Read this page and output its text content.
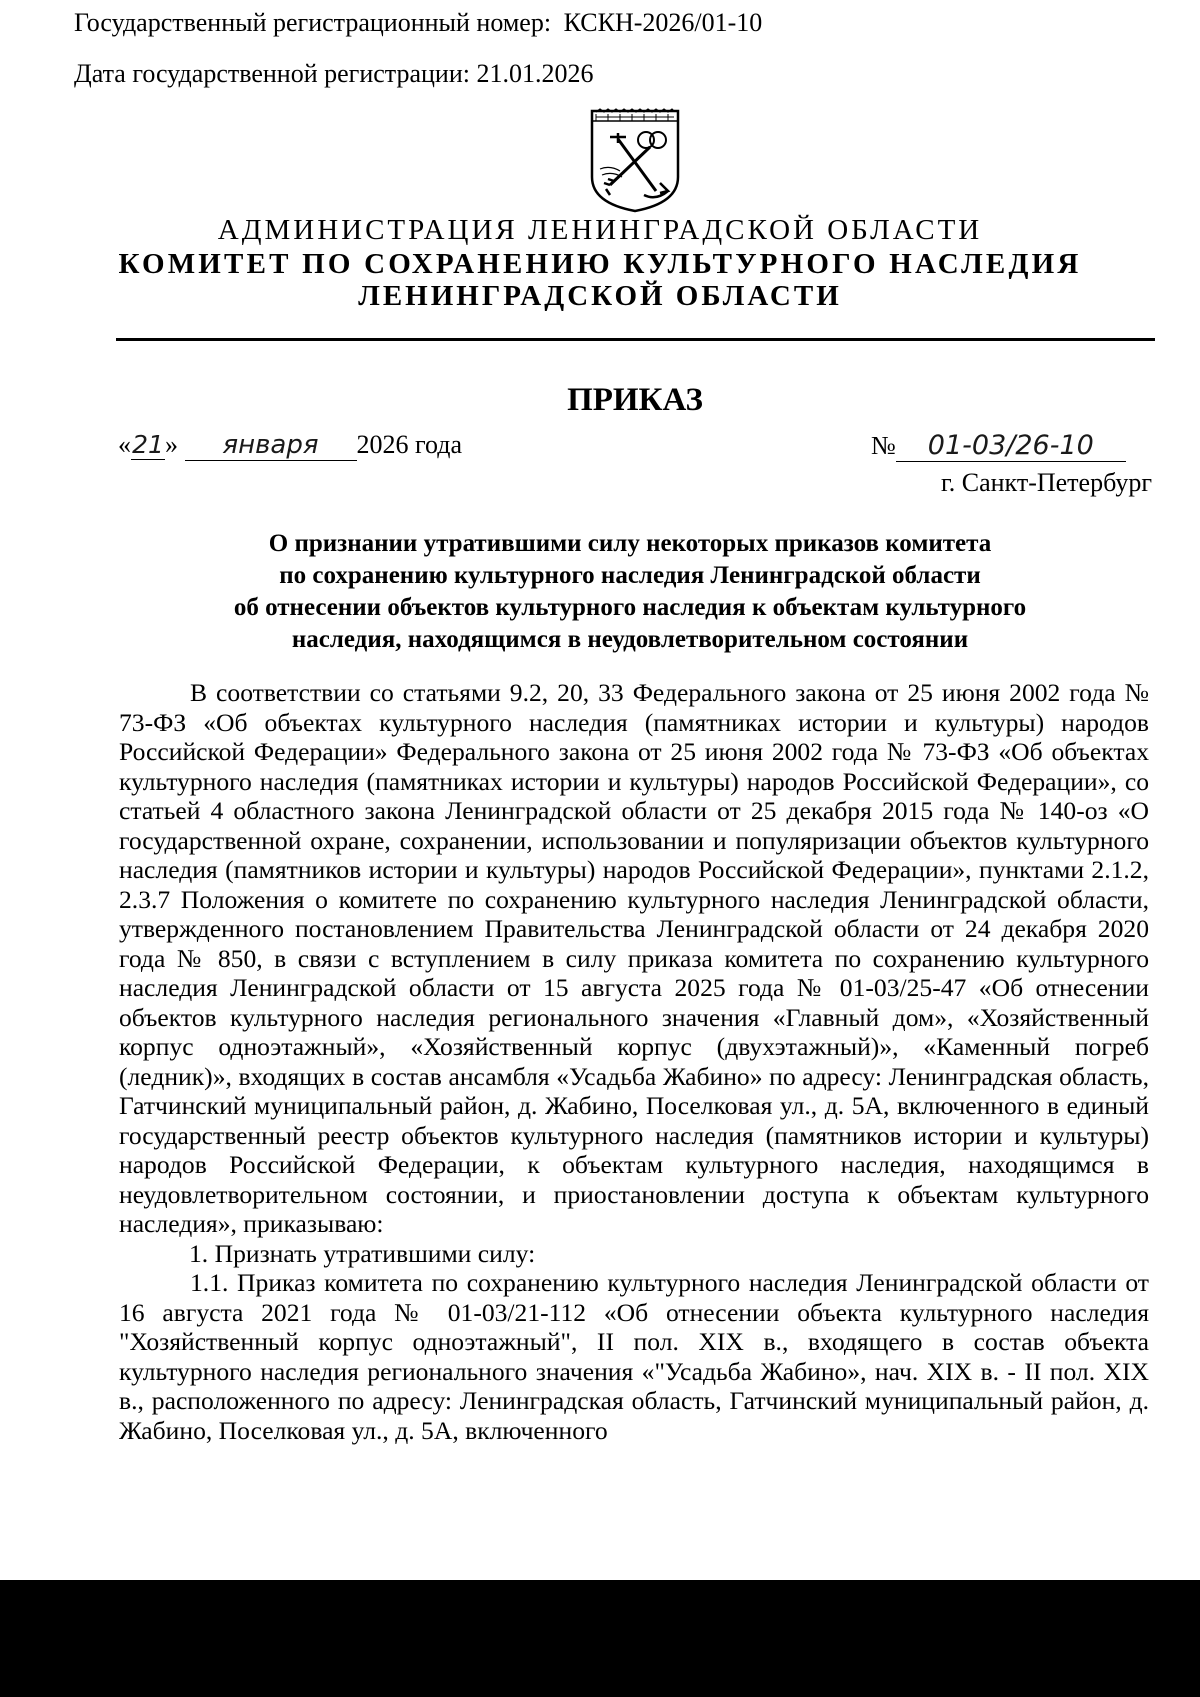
Государственный регистрационный номер: КСКН-2026/01-10
Дата государственной регистрации: 21.01.2026
АДМИНИСТРАЦИЯ ЛЕНИНГРАДСКОЙ ОБЛАСТИ
КОМИТЕТ ПО СОХРАНЕНИЮ КУЛЬТУРНОГО НАСЛЕДИЯ
ЛЕНИНГРАДСКОЙ ОБЛАСТИ
ПРИКАЗ
«21» января 2026 года	№ 01-03/26-10
г. Санкт-Петербург
О признании утратившими силу некоторых приказов комитета
по сохранению культурного наследия Ленинградской области
об отнесении объектов культурного наследия к объектам культурного
наследия, находящимся в неудовлетворительном состоянии

В соответствии со статьями 9.2, 20, 33 Федерального закона от 25 июня 2002 года № 73-ФЗ «Об объектах культурного наследия (памятниках истории и культуры) народов Российской Федерации» Федерального закона от 25 июня 2002 года № 73-ФЗ «Об объектах культурного наследия (памятниках истории и культуры) народов Российской Федерации», со статьей 4 областного закона Ленинградской области от 25 декабря 2015 года № 140-оз «О государственной охране, сохранении, использовании и популяризации объектов культурного наследия (памятников истории и культуры) народов Российской Федерации», пунктами 2.1.2, 2.3.7 Положения о комитете по сохранению культурного наследия Ленинградской области, утвержденного постановлением Правительства Ленинградской области от 24 декабря 2020 года № 850, в связи с вступлением в силу приказа комитета по сохранению культурного наследия Ленинградской области от 15 августа 2025 года № 01-03/25-47 «Об отнесении объектов культурного наследия регионального значения «Главный дом», «Хозяйственный корпус одноэтажный», «Хозяйственный корпус (двухэтажный)», «Каменный погреб (ледник)», входящих в состав ансамбля «Усадьба Жабино» по адресу: Ленинградская область, Гатчинский муниципальный район, д. Жабино, Поселковая ул., д. 5А, включенного в единый государственный реестр объектов культурного наследия (памятников истории и культуры) народов Российской Федерации, к объектам культурного наследия, находящимся в неудовлетворительном состоянии, и приостановлении доступа к объектам культурного наследия», приказываю:

1. Признать утратившими силу:

1.1. Приказ комитета по сохранению культурного наследия Ленинградской области от 16 августа 2021 года № 01-03/21-112 «Об отнесении объекта культурного наследия "Хозяйственный корпус одноэтажный", II пол. XIX в., входящего в состав объекта культурного наследия регионального значения «"Усадьба Жабино», нач. XIX в. - II пол. XIX в., расположенного по адресу: Ленинградская область, Гатчинский муниципальный район, д. Жабино, Поселковая ул., д. 5А, включенного
